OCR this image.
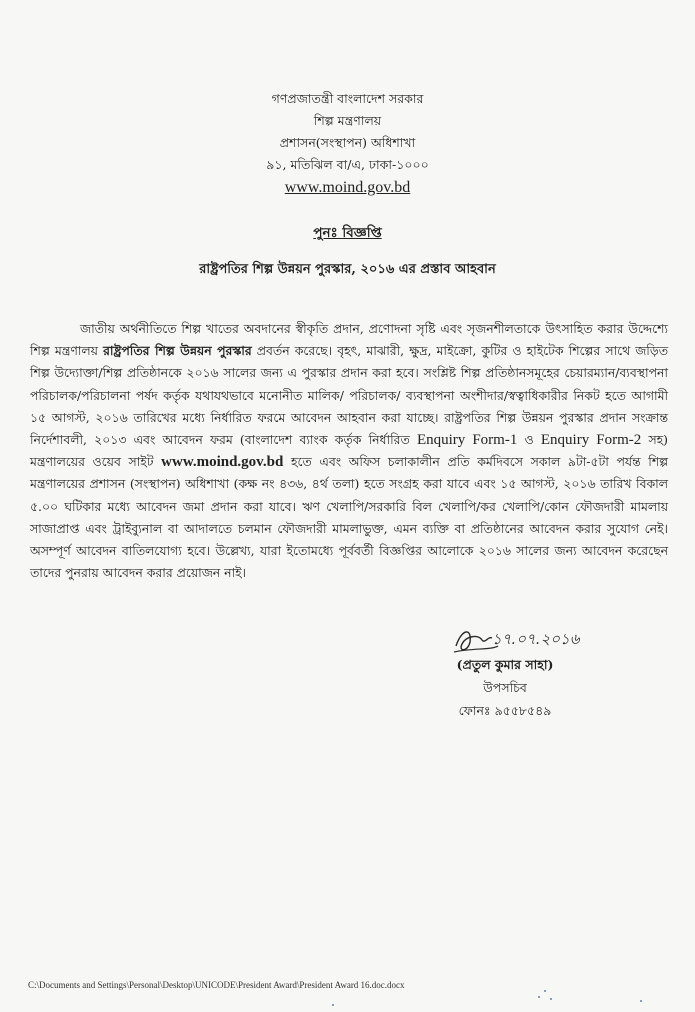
গণপ্রজাতন্ত্রী বাংলাদেশ সরকার
শিল্প মন্ত্রণালয়
প্রশাসন(সংস্থাপন) অধিশাখা
৯১, মতিঝিল বা/এ, ঢাকা-১০০০
www.moind.gov.bd
পুনঃ বিজ্ঞপ্তি
রাষ্ট্রপতির শিল্প উন্নয়ন পুরস্কার, ২০১৬ এর প্রস্তাব আহবান

জাতীয় অর্থনীতিতে শিল্প খাতের অবদানের স্বীকৃতি প্রদান, প্রণোদনা সৃষ্টি এবং সৃজনশীলতাকে উৎসাহিত করার উদ্দেশ্যে শিল্প মন্ত্রণালয় রাষ্ট্রপতির শিল্প উন্নয়ন পুরস্কার প্রবর্তন করেছে। বৃহৎ, মাঝারী, ক্ষুদ্র, মাইক্রো, কুটির ও হাইটেক শিল্পের সাথে জড়িত শিল্প উদ্যোক্তা/শিল্প প্রতিষ্ঠানকে ২০১৬ সালের জন্য এ পুরস্কার প্রদান করা হবে। সংশ্লিষ্ট শিল্প প্রতিষ্ঠানসমূহের চেয়ারম্যান/ব্যবস্থাপনা পরিচালক/পরিচালনা পর্ষদ কর্তৃক যথাযথভাবে মনোনীত মালিক/ পরিচালক/ ব্যবস্থাপনা অংশীদার/স্বত্বাধিকারীর নিকট হতে আগামী ১৫ আগস্ট, ২০১৬ তারিখের মধ্যে নির্ধারিত ফরমে আবেদন আহবান করা যাচ্ছে। রাষ্ট্রপতির শিল্প উন্নয়ন পুরস্কার প্রদান সংক্রান্ত নির্দেশাবলী, ২০১৩ এবং আবেদন ফরম (বাংলাদেশ ব্যাংক কর্তৃক নির্ধারিত Enquiry Form-1 ও Enquiry Form-2 সহ) মন্ত্রণালয়ের ওয়েব সাইট www.moind.gov.bd হতে এবং অফিস চলাকালীন প্রতি কর্মদিবসে সকাল ৯টা-৫টা পর্যন্ত শিল্প মন্ত্রণালয়ের প্রশাসন (সংস্থাপন) অধিশাখা (কক্ষ নং ৪৩৬, ৪র্থ তলা) হতে সংগ্রহ করা যাবে এবং ১৫ আগস্ট, ২০১৬ তারিখ বিকাল ৫.০০ ঘটিকার মধ্যে আবেদন জমা প্রদান করা যাবে। ঋণ খেলাপি/সরকারি বিল খেলাপি/কর খেলাপি/কোন ফৌজদারী মামলায় সাজাপ্রাপ্ত এবং ট্রাইব্যুনাল বা আদালতে চলমান ফৌজদারী মামলাভুক্ত, এমন ব্যক্তি বা প্রতিষ্ঠানের আবেদন করার সুযোগ নেই। অসম্পূর্ণ আবেদন বাতিলযোগ্য হবে। উল্লেখ্য, যারা ইতোমধ্যে পূর্ববর্তী বিজ্ঞপ্তির আলোকে ২০১৬ সালের জন্য আবেদন করেছেন তাদের পুনরায় আবেদন করার প্রয়োজন নাই।

১৭.০৭.২০১৬
(প্রতুল কুমার সাহা)
উপসচিব
ফোনঃ ৯৫৫৮৫৪৯
C:\Documents and Settings\Personal\Desktop\UNICODE\President Award\President Award 16.doc.docx
